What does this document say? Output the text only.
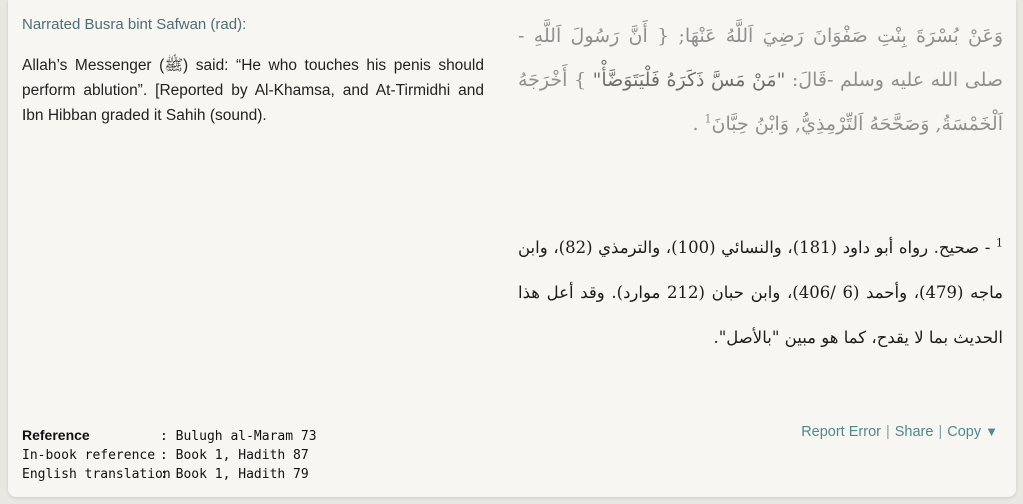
Narrated Busra bint Safwan (rad):
Allah’s Messenger (ﷺ) said: “He who touches his penis should perform ablution”. [Reported by Al-Khamsa, and At-Tirmidhi and Ibn Hibban graded it Sahih (sound).
وَعَنْ بُسْرَةَ بِنْتِ صَفْوَانَ رَضِيَ اَللَّهُ عَنْهَا; { أَنَّ رَسُولَ اَللَّهِ - صلى الله عليه وسلم -قَالَ: "مَنْ مَسَّ ذَكَرَهُ فَلْيَتَوَضَّأْ" } أَخْرَجَهُ اَلْخَمْسَةُ, وَصَحَّحَهُ اَلتِّرْمِذِيُّ, وَابْنُ حِبَّانَ$^1$ .
$^1$ - صحيح. رواه أبو داود (181)، والنسائي (100)، والترمذي (82)، وابن ماجه (479)، وأحمد (6 /406)، وابن حبان (212 موارد). وقد أعل هذا الحديث بما لا يقدح، كما هو مبين "بالأصل".
Reference	: Bulugh al-Maram 73
In-book reference : Book 1, Hadith 87
English translation: Book 1, Hadith 79
Report Error | Share | Copy ▼
